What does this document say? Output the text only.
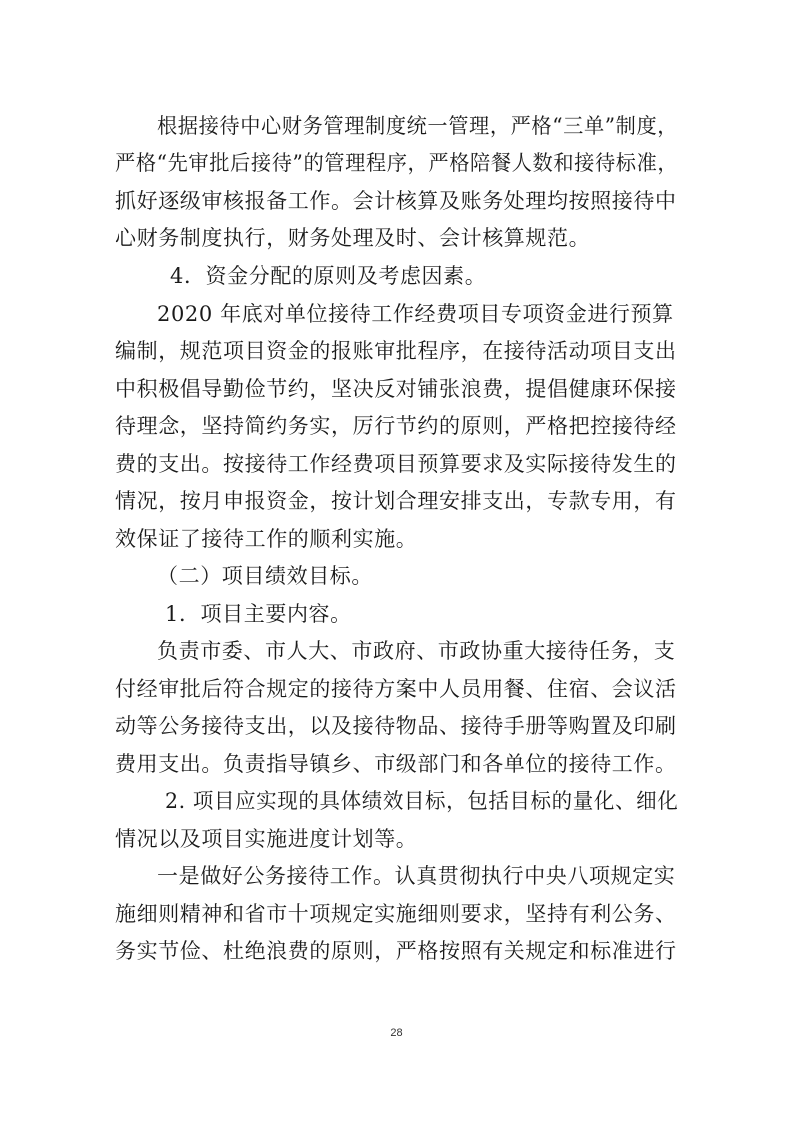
根据接待中心财务管理制度统一管理，严格“三单”制度，
严格“先审批后接待”的管理程序，严格陪餐人数和接待标准，
抓好逐级审核报备工作。会计核算及账务处理均按照接待中
心财务制度执行，财务处理及时、会计核算规范。
4．资金分配的原则及考虑因素。
2020 年底对单位接待工作经费项目专项资金进行预算
编制，规范项目资金的报账审批程序，在接待活动项目支出
中积极倡导勤俭节约，坚决反对铺张浪费，提倡健康环保接
待理念，坚持简约务实，厉行节约的原则，严格把控接待经
费的支出。按接待工作经费项目预算要求及实际接待发生的
情况，按月申报资金，按计划合理安排支出，专款专用，有
效保证了接待工作的顺利实施。
（二）项目绩效目标。
1．项目主要内容。
负责市委、市人大、市政府、市政协重大接待任务，支
付经审批后符合规定的接待方案中人员用餐、住宿、会议活
动等公务接待支出，以及接待物品、接待手册等购置及印刷
费用支出。负责指导镇乡、市级部门和各单位的接待工作。
2. 项目应实现的具体绩效目标，包括目标的量化、细化
情况以及项目实施进度计划等。
一是做好公务接待工作。认真贯彻执行中央八项规定实
施细则精神和省市十项规定实施细则要求，坚持有利公务、
务实节俭、杜绝浪费的原则，严格按照有关规定和标准进行
28
